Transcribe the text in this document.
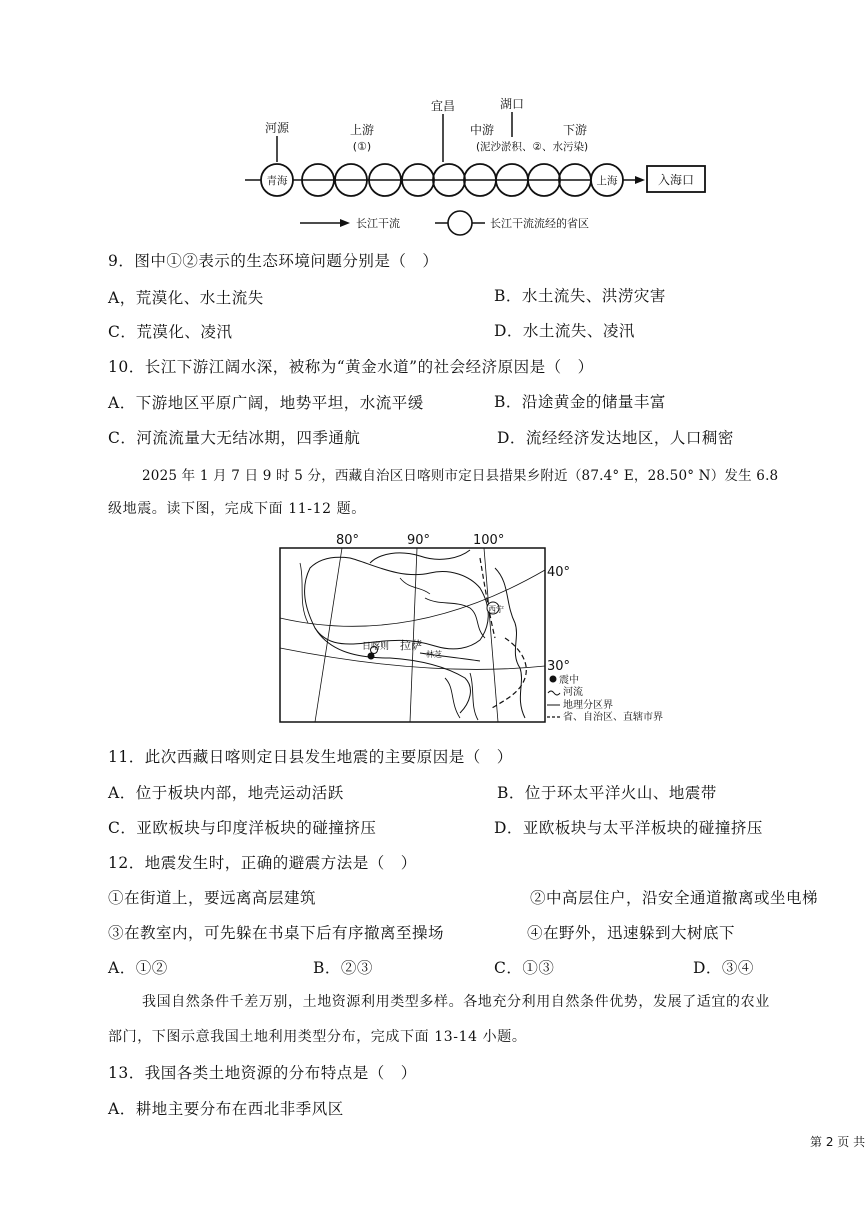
河源	上游
(①)
宜昌	湖口
中游
(泥沙淤积、②、水污染)
下游
青海	上海	入海口
长江干流	长江干流流经的省区
9．图中①②表示的生态环境问题分别是（　）
A，荒漠化、水土流失	B．水土流失、洪涝灾害
C．荒漠化、凌汛	D．水土流失、凌汛
10．长江下游江阔水深，被称为“黄金水道”的社会经济原因是（　）
A．下游地区平原广阔，地势平坦，水流平缓	B．沿途黄金的储量丰富
C．河流流量大无结冰期，四季通航	D．流经经济发达地区，人口稠密
2025 年 1 月 7 日 9 时 5 分，西藏自治区日喀则市定日县措果乡附近（87.4° E，28.50° N）发生 6.8
级地震。读下图，完成下面 11-12 题。
80°	90°	100°
40°
30°
西宁
日喀则 拉萨
林芝
震中
河流
地理分区界
省、自治区、直辖市界
11．此次西藏日喀则定日县发生地震的主要原因是（　）
A．位于板块内部，地壳运动活跃	B．位于环太平洋火山、地震带
C．亚欧板块与印度洋板块的碰撞挤压	D．亚欧板块与太平洋板块的碰撞挤压
12．地震发生时，正确的避震方法是（　）
①在街道上，要远离高层建筑	②中高层住户，沿安全通道撤离或坐电梯
③在教室内，可先躲在书桌下后有序撤离至操场	④在野外，迅速躲到大树底下
A．①②	B．②③	C．①③	D．③④
我国自然条件千差万别，土地资源利用类型多样。各地充分利用自然条件优势，发展了适宜的农业
部门，下图示意我国土地利用类型分布，完成下面 13-14 小题。
13．我国各类土地资源的分布特点是（　）
A．耕地主要分布在西北非季风区
第 2 页 共
